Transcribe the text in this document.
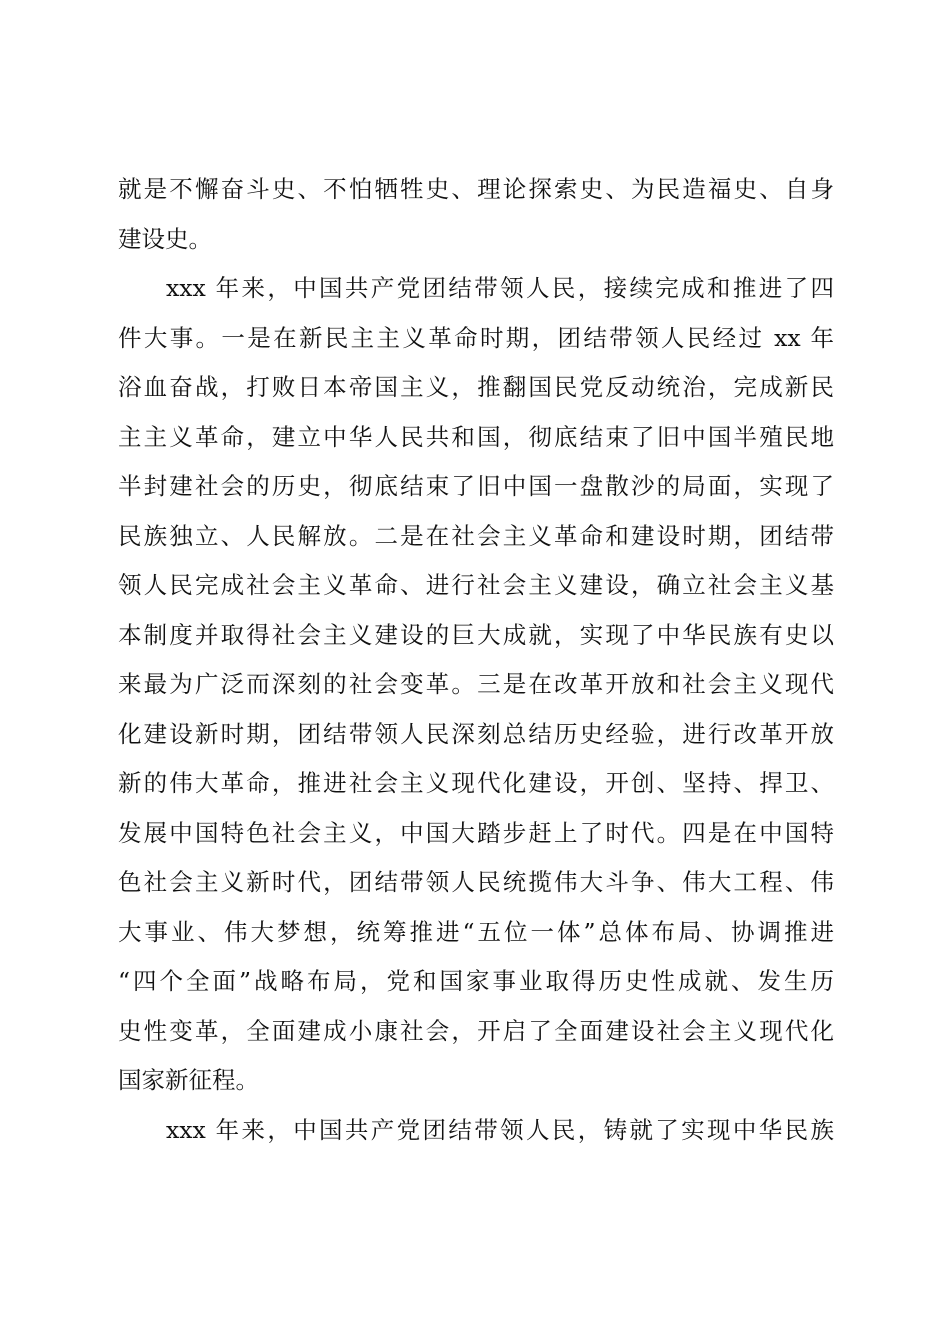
就是不懈奋斗史、不怕牺牲史、理论探索史、为民造福史、自身
建设史。
xxx 年来，中国共产党团结带领人民，接续完成和推进了四
件大事。一是在新民主主义革命时期，团结带领人民经过 xx 年
浴血奋战，打败日本帝国主义，推翻国民党反动统治，完成新民
主主义革命，建立中华人民共和国，彻底结束了旧中国半殖民地
半封建社会的历史，彻底结束了旧中国一盘散沙的局面，实现了
民族独立、人民解放。二是在社会主义革命和建设时期，团结带
领人民完成社会主义革命、进行社会主义建设，确立社会主义基
本制度并取得社会主义建设的巨大成就，实现了中华民族有史以
来最为广泛而深刻的社会变革。三是在改革开放和社会主义现代
化建设新时期，团结带领人民深刻总结历史经验，进行改革开放
新的伟大革命，推进社会主义现代化建设，开创、坚持、捍卫、
发展中国特色社会主义，中国大踏步赶上了时代。四是在中国特
色社会主义新时代，团结带领人民统揽伟大斗争、伟大工程、伟
大事业、伟大梦想，统筹推进“五位一体”总体布局、协调推进
“四个全面”战略布局，党和国家事业取得历史性成就、发生历
史性变革，全面建成小康社会，开启了全面建设社会主义现代化
国家新征程。
xxx 年来，中国共产党团结带领人民，铸就了实现中华民族
